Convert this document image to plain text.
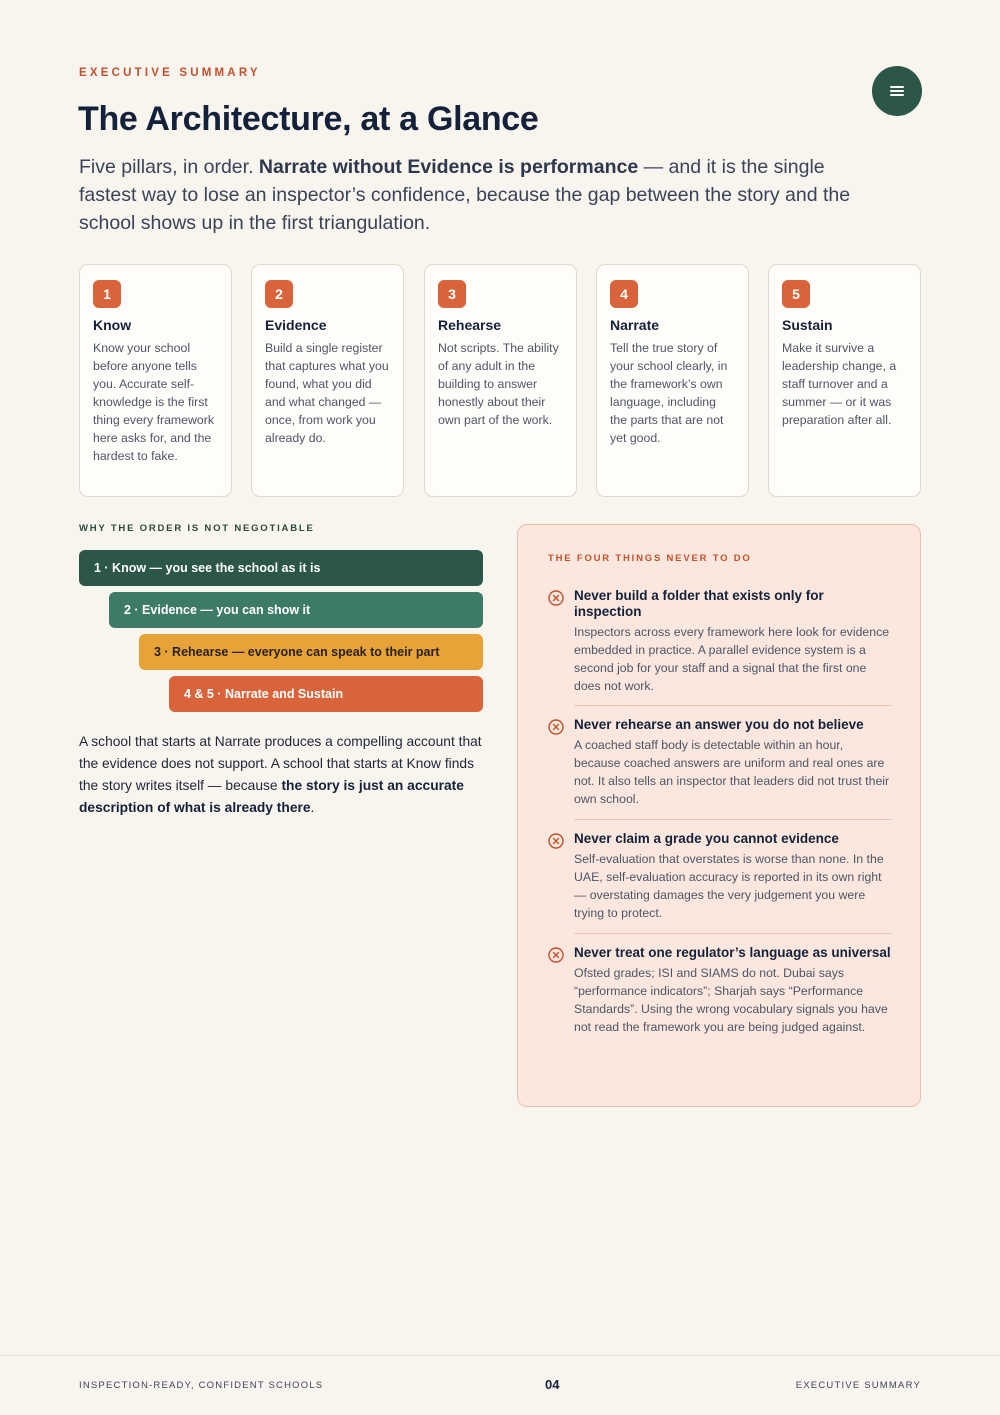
EXECUTIVE SUMMARY
The Architecture, at a Glance

Five pillars, in order. Narrate without Evidence is performance — and it is the single fastest way to lose an inspector’s confidence, because the gap between the story and the school shows up in the first triangulation.

1
Know
Know your school before anyone tells you. Accurate self-knowledge is the first thing every framework here asks for, and the hardest to fake.
2
Evidence
Build a single register that captures what you found, what you did and what changed — once, from work you already do.
3
Rehearse
Not scripts. The ability of any adult in the building to answer honestly about their own part of the work.
4
Narrate
Tell the true story of your school clearly, in the framework’s own language, including the parts that are not yet good.
5
Sustain
Make it survive a leadership change, a staff turnover and a summer — or it was preparation after all.
WHY THE ORDER IS NOT NEGOTIABLE
1 · Know — you see the school as it is
2 · Evidence — you can show it
3 · Rehearse — everyone can speak to their part
4 & 5 · Narrate and Sustain

A school that starts at Narrate produces a compelling account that the evidence does not support. A school that starts at Know finds the story writes itself — because the story is just an accurate description of what is already there.

THE FOUR THINGS NEVER TO DO
Never build a folder that exists only for inspection
Inspectors across every framework here look for evidence embedded in practice. A parallel evidence system is a second job for your staff and a signal that the first one does not work.
Never rehearse an answer you do not believe
A coached staff body is detectable within an hour, because coached answers are uniform and real ones are not. It also tells an inspector that leaders did not trust their own school.
Never claim a grade you cannot evidence
Self-evaluation that overstates is worse than none. In the UAE, self-evaluation accuracy is reported in its own right — overstating damages the very judgement you were trying to protect.
Never treat one regulator’s language as universal
Ofsted grades; ISI and SIAMS do not. Dubai says “performance indicators”; Sharjah says “Performance Standards”. Using the wrong vocabulary signals you have not read the framework you are being judged against.
INSPECTION-READY, CONFIDENT SCHOOLS	04	EXECUTIVE SUMMARY
